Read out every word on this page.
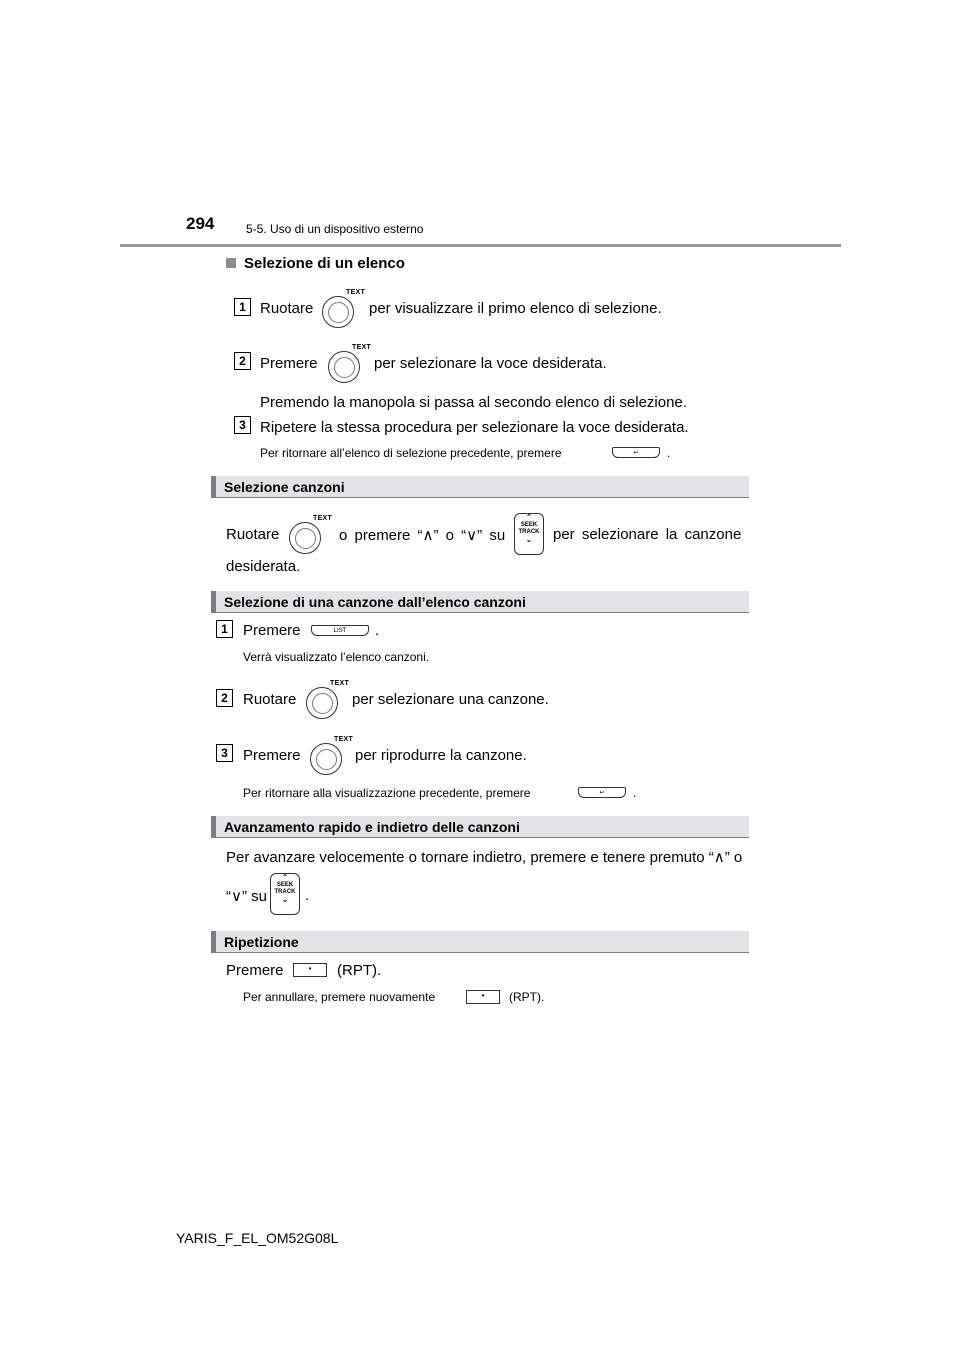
294	5-5. Uso di un dispositivo esterno
Selezione di un elenco
1 Ruotare
TEXT
per visualizzare il primo elenco di selezione.
2 Premere
TEXT
per selezionare la voce desiderata.
Premendo la manopola si passa al secondo elenco di selezione.
3 Ripetere la stessa procedura per selezionare la voce desiderata.
Per ritornare all’elenco di selezione precedente, premere	↩	.
Selezione canzoni
Ruotare
TEXT
o premere “∧” o “∨” su
⌃
SEEK
TRACK
⌄	per selezionare la canzone
desiderata.
Selezione di una canzone dall’elenco canzoni
1	Premere	LIST	.
Verrà visualizzato l’elenco canzoni.
2	Ruotare
TEXT
per selezionare una canzone.
3	Premere
TEXT
per riprodurre la canzone.
Per ritornare alla visualizzazione precedente, premere	↩	.
Avanzamento rapido e indietro delle canzoni
Per avanzare velocemente o tornare indietro, premere e tenere premuto “∧” o
“∨” su
⌃
SEEK
TRACK
⌄	.
Ripetizione
Premere	•	(RPT).
Per annullare, premere nuovamente	•	(RPT).
YARIS_F_EL_OM52G08L
